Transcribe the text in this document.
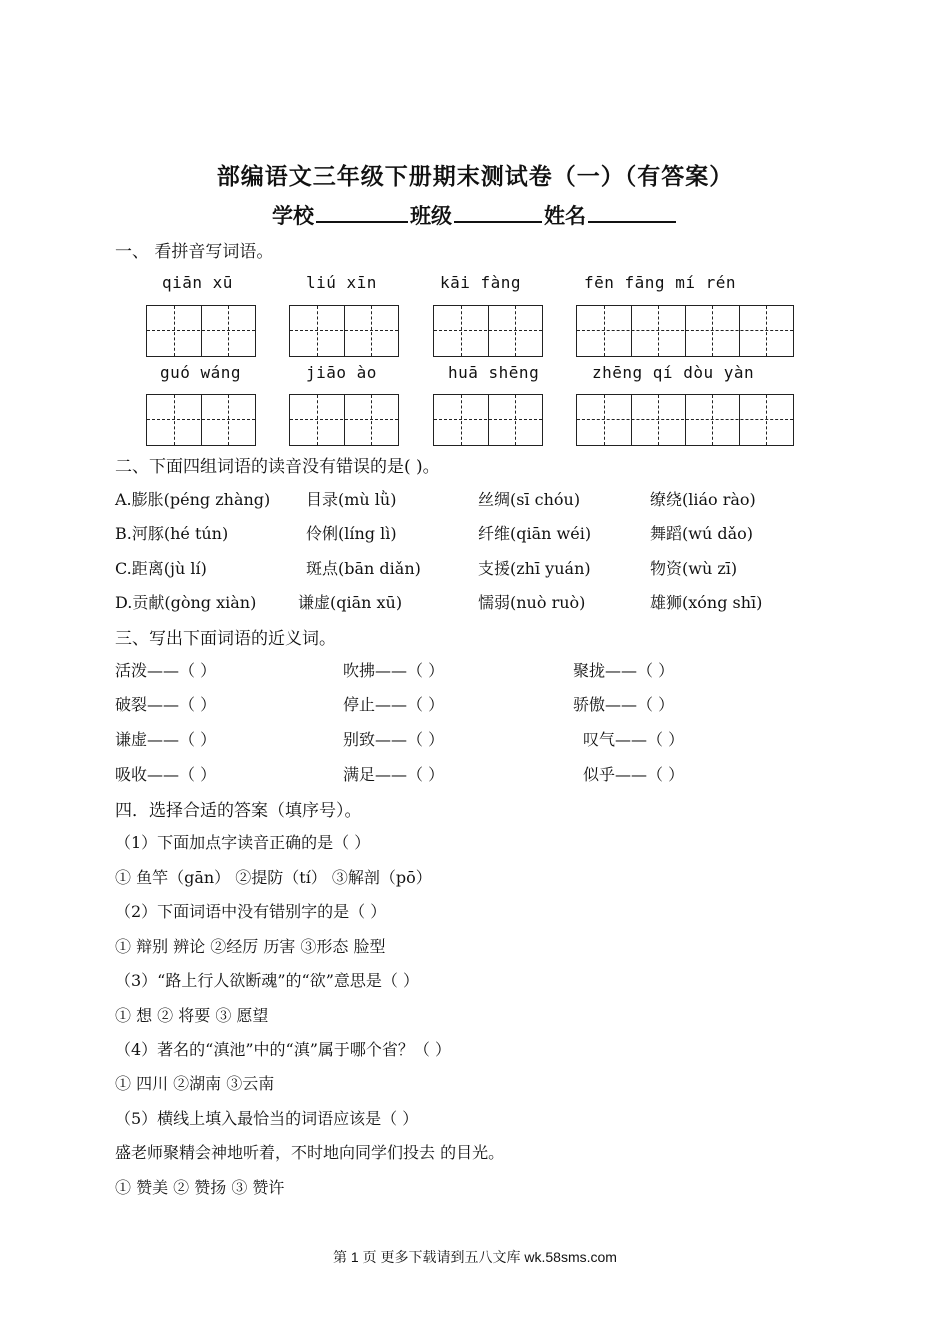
部编语文三年级下册期末测试卷（一）（有答案）
学校	班级	姓名
一、 看拼音写词语。
qiān xū	liú xīn	kāi fàng	fēn fāng mí rén
guó wáng	jiāo ào	huā shēng	zhēng qí dòu yàn
二、下面四组词语的读音没有错误的是( )。
A.膨胀(péng zhàng) 目录(mù lǜ)	丝绸(sī chóu)	缭绕(liáo rào)
B.河豚(hé tún)	伶俐(líng lì)	纤维(qiān wéi)	舞蹈(wú dǎo)
C.距离(jù lí)	斑点(bān diǎn)	支援(zhī yuán)	物资(wù zī)
D.贡献(gòng xiàn)	谦虚(qiān xū)	懦弱(nuò ruò)	雄狮(xóng shī)
三、写出下面词语的近义词。
活泼——（ ）	吹拂——（ ）	聚拢——（ ）
破裂——（ ）	停止——（ ）	骄傲——（ ）
谦虚——（ ）	别致——（ ）	叹气——（ ）
吸收——（ ）	满足——（ ）	似乎——（ ）
四．选择合适的答案（填序号）。
（1）下面加点字读音正确的是（ ）
① 鱼竿（gān） ②提防（tí） ③解剖（pō）
（2）下面词语中没有错别字的是（ ）
① 辩别 辨论 ②经厉 历害 ③形态 脸型
（3）“路上行人欲断魂”的“欲”意思是（ ）
① 想 ② 将要 ③ 愿望
（4）著名的“滇池”中的“滇”属于哪个省？（ ）
① 四川 ②湖南 ③云南
（5）横线上填入最恰当的词语应该是（ ）
盛老师聚精会神地听着，不时地向同学们投去 的目光。
① 赞美 ② 赞扬 ③ 赞许
第 1 页 更多下载请到五八文库 wk.58sms.com
